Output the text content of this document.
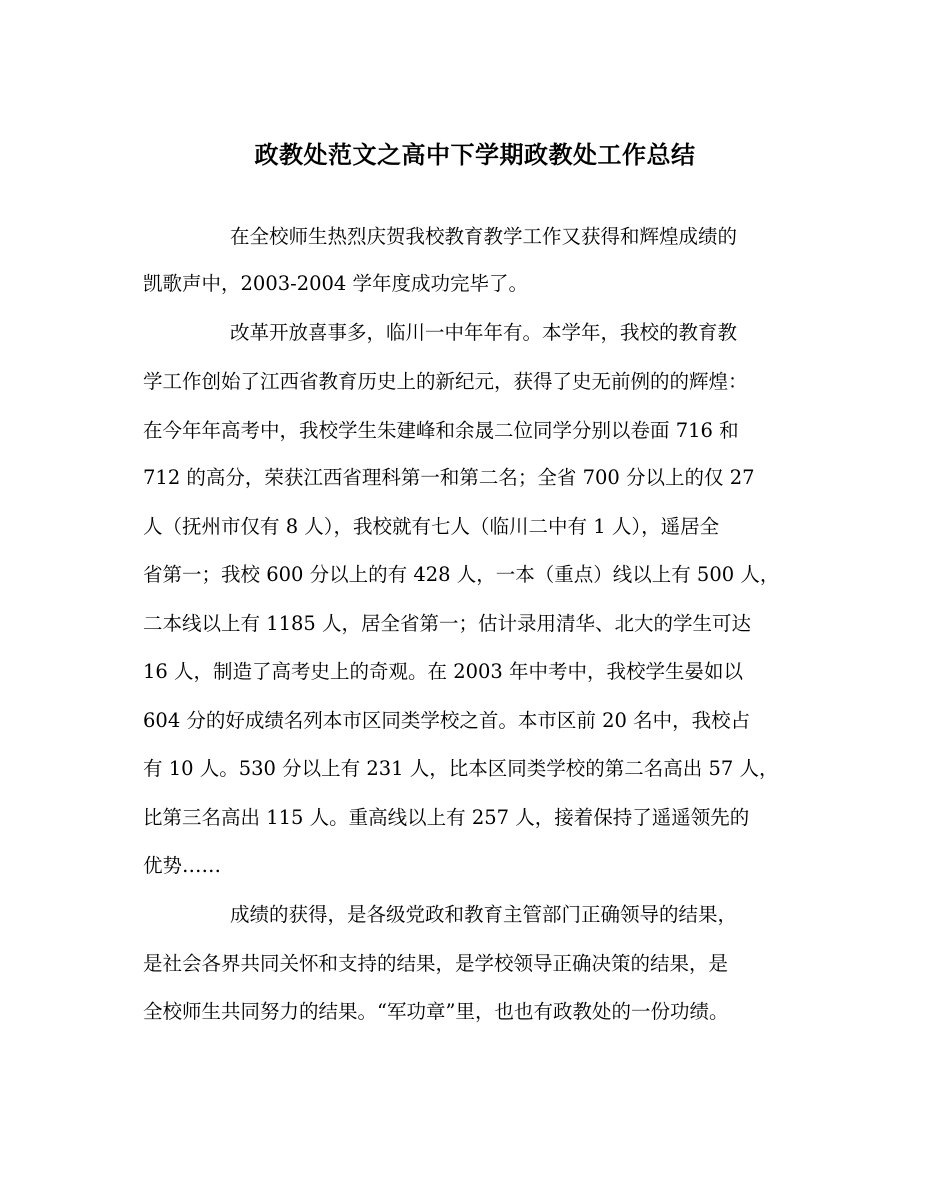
政教处范文之高中下学期政教处工作总结
在全校师生热烈庆贺我校教育教学工作又获得和辉煌成绩的
凯歌声中，2003-2004 学年度成功完毕了。
改革开放喜事多，临川一中年年有。本学年，我校的教育教
学工作创始了江西省教育历史上的新纪元，获得了史无前例的的辉煌：
在今年年高考中，我校学生朱建峰和余晟二位同学分别以卷面 716 和
712 的高分，荣获江西省理科第一和第二名；全省 700 分以上的仅 27
人（抚州市仅有 8 人），我校就有七人（临川二中有 1 人），遥居全
省第一；我校 600 分以上的有 428 人，一本（重点）线以上有 500 人，
二本线以上有 1185 人，居全省第一；估计录用清华、北大的学生可达
16 人，制造了高考史上的奇观。在 2003 年中考中，我校学生晏如以
604 分的好成绩名列本市区同类学校之首。本市区前 20 名中，我校占
有 10 人。530 分以上有 231 人，比本区同类学校的第二名高出 57 人，
比第三名高出 115 人。重高线以上有 257 人，接着保持了遥遥领先的
优势……
成绩的获得，是各级党政和教育主管部门正确领导的结果，
是社会各界共同关怀和支持的结果，是学校领导正确决策的结果，是
全校师生共同努力的结果。“军功章”里，也也有政教处的一份功绩。
